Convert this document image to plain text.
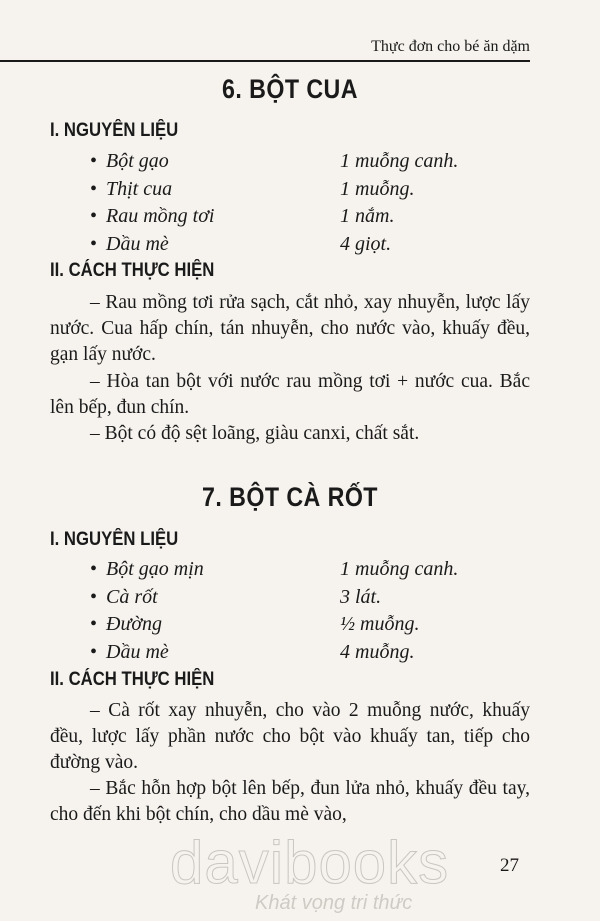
Thực đơn cho bé ăn dặm
6. BỘT CUA
I. NGUYÊN LIỆU
• Bột gạo	1 muỗng canh.
• Thịt cua	1 muỗng.
• Rau mồng tơi	1 nắm.
• Dầu mè	4 giọt.
II. CÁCH THỰC HIỆN

– Rau mồng tơi rửa sạch, cắt nhỏ, xay nhuyễn, lược lấy nước. Cua hấp chín, tán nhuyễn, cho nước vào, khuấy đều, gạn lấy nước.

– Hòa tan bột với nước rau mồng tơi + nước cua. Bắc lên bếp, đun chín.

– Bột có độ sệt loãng, giàu canxi, chất sắt.

7. BỘT CÀ RỐT
I. NGUYÊN LIỆU
• Bột gạo mịn	1 muỗng canh.
• Cà rốt	3 lát.
• Đường	½ muỗng.
• Dầu mè	4 muỗng.
II. CÁCH THỰC HIỆN

– Cà rốt xay nhuyễn, cho vào 2 muỗng nước, khuấy đều, lược lấy phần nước cho bột vào khuấy tan, tiếp cho đường vào.

– Bắc hỗn hợp bột lên bếp, đun lửa nhỏ, khuấy đều tay, cho đến khi bột chín, cho dầu mè vào,

davibooks
Khát vọng tri thức
27
